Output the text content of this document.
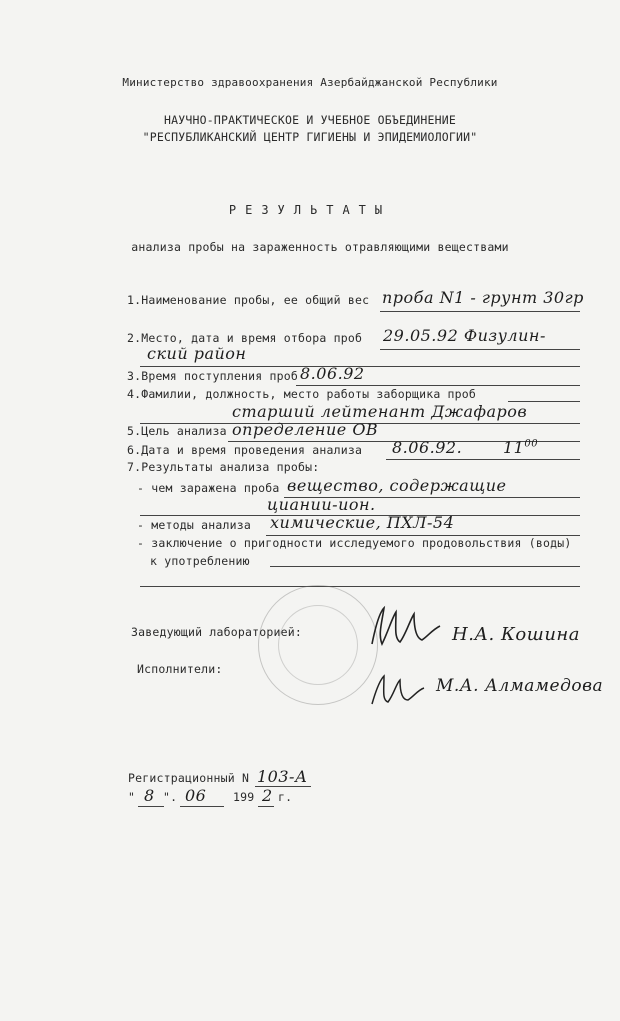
Министерство здравоохранения Азербайджанской Республики
НАУЧНО-ПРАКТИЧЕСКОЕ И УЧЕБНОЕ ОБЪЕДИНЕНИЕ
"РЕСПУБЛИКАНСКИЙ ЦЕНТР ГИГИЕНЫ И ЭПИДЕМИОЛОГИИ"
РЕЗУЛЬТАТЫ
анализа пробы на зараженность отравляющими веществами
1.Наименование пробы, ее общий вес проба N1 - грунт 30гр
2.Место, дата и время отбора проб 29.05.92 Физулин-
ский район
3.Время поступления проб 8.06.92
4.Фамилии, должность, место работы заборщика проб
старший лейтенант Джафаров
5.Цель анализа определение ОВ
6.Дата и время проведения анализа 8.06.92.	$11^{00}$
7.Результаты анализа пробы:
- чем заражена проба вещество, содержащие
циании-ион.
- методы анализа химические, ПХЛ-54
- заключение о пригодности исследуемого продовольствия (воды)
к употреблению
Заведующий лабораторией:	Н.А. Кошина
Исполнители:
М.А. Алмамедова
Регистрационный N 103-А
" 8 ". 06 199 2 г.
